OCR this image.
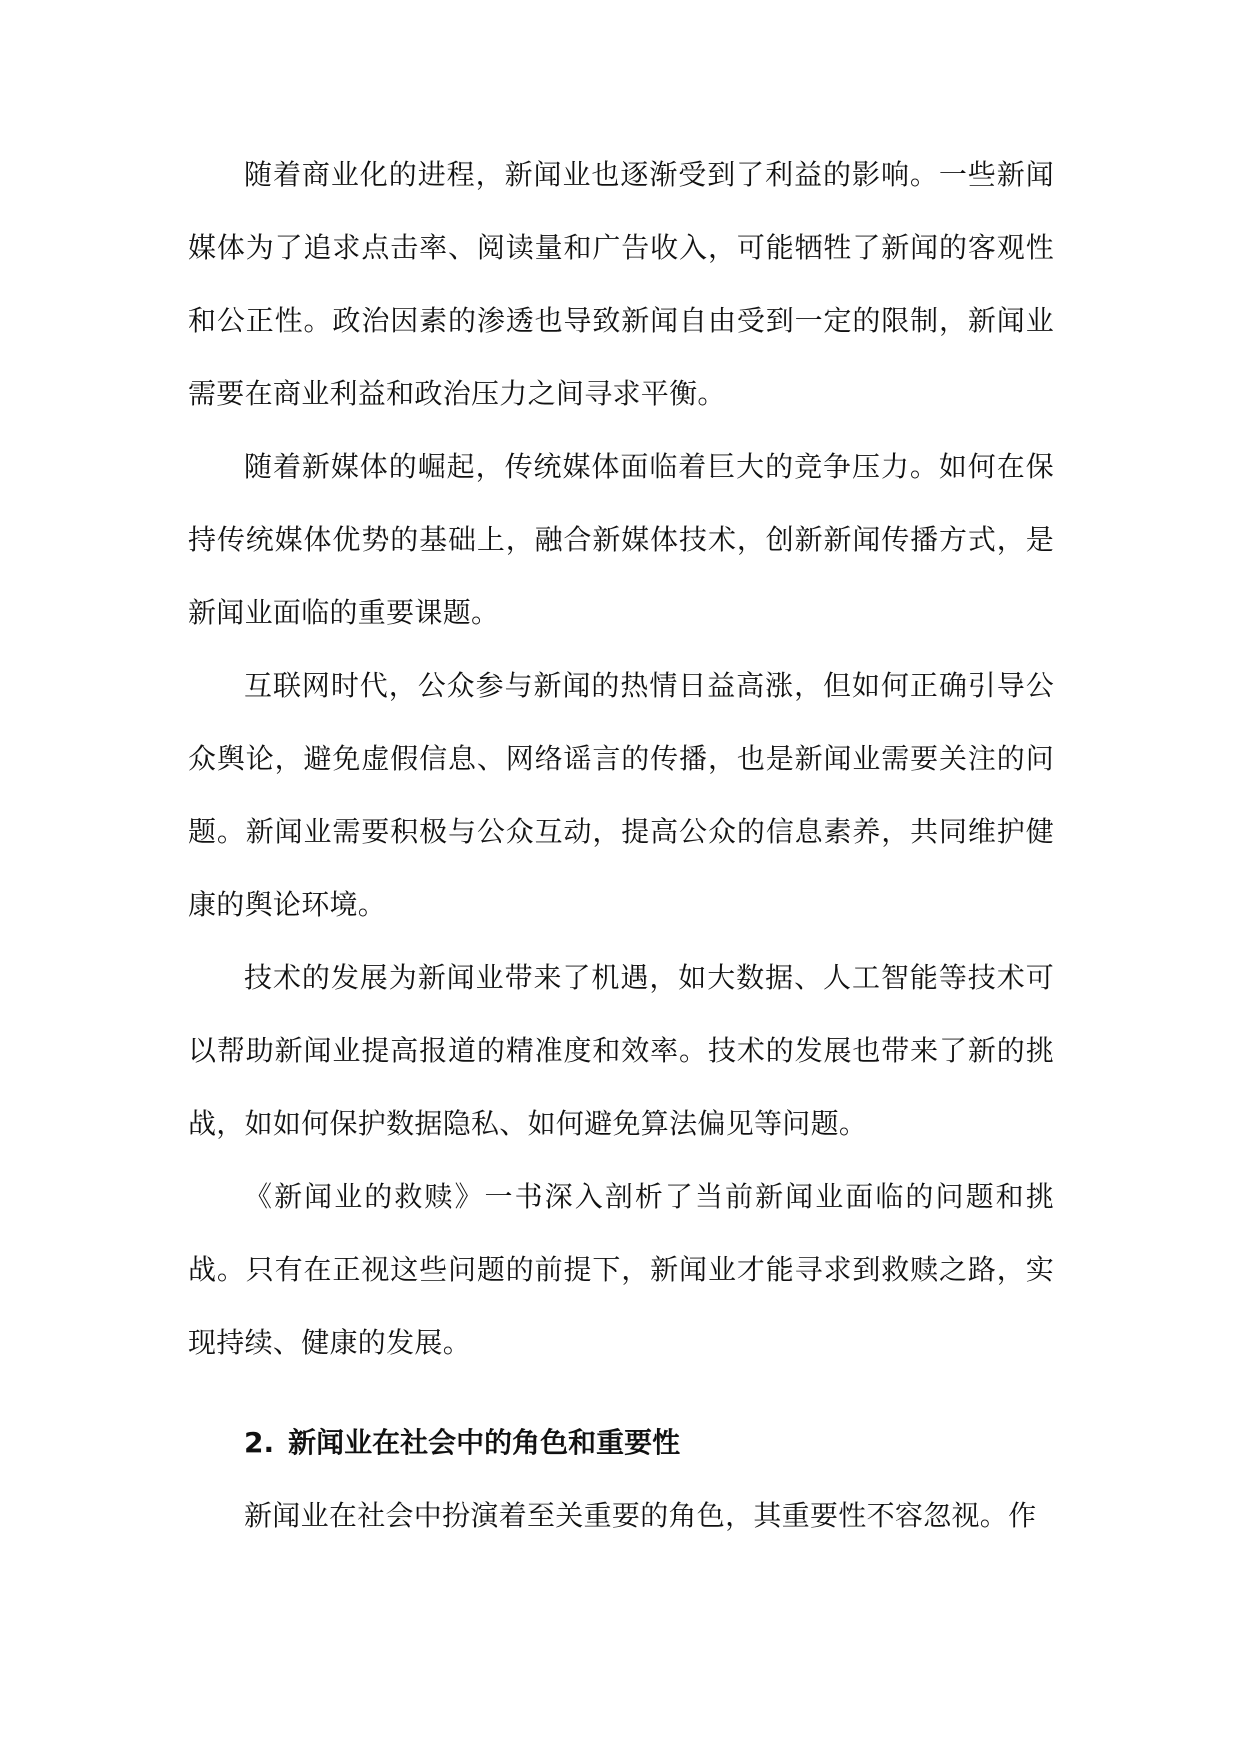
随着商业化的进程，新闻业也逐渐受到了利益的影响。一些新闻媒体为了追求点击率、阅读量和广告收入，可能牺牲了新闻的客观性和公正性。政治因素的渗透也导致新闻自由受到一定的限制，新闻业需要在商业利益和政治压力之间寻求平衡。

随着新媒体的崛起，传统媒体面临着巨大的竞争压力。如何在保持传统媒体优势的基础上，融合新媒体技术，创新新闻传播方式，是新闻业面临的重要课题。

互联网时代，公众参与新闻的热情日益高涨，但如何正确引导公众舆论，避免虚假信息、网络谣言的传播，也是新闻业需要关注的问题。新闻业需要积极与公众互动，提高公众的信息素养，共同维护健康的舆论环境。

技术的发展为新闻业带来了机遇，如大数据、人工智能等技术可以帮助新闻业提高报道的精准度和效率。技术的发展也带来了新的挑战，如如何保护数据隐私、如何避免算法偏见等问题。

《新闻业的救赎》一书深入剖析了当前新闻业面临的问题和挑战。只有在正视这些问题的前提下，新闻业才能寻求到救赎之路，实现持续、健康的发展。

2. 新闻业在社会中的角色和重要性

新闻业在社会中扮演着至关重要的角色，其重要性不容忽视。作
